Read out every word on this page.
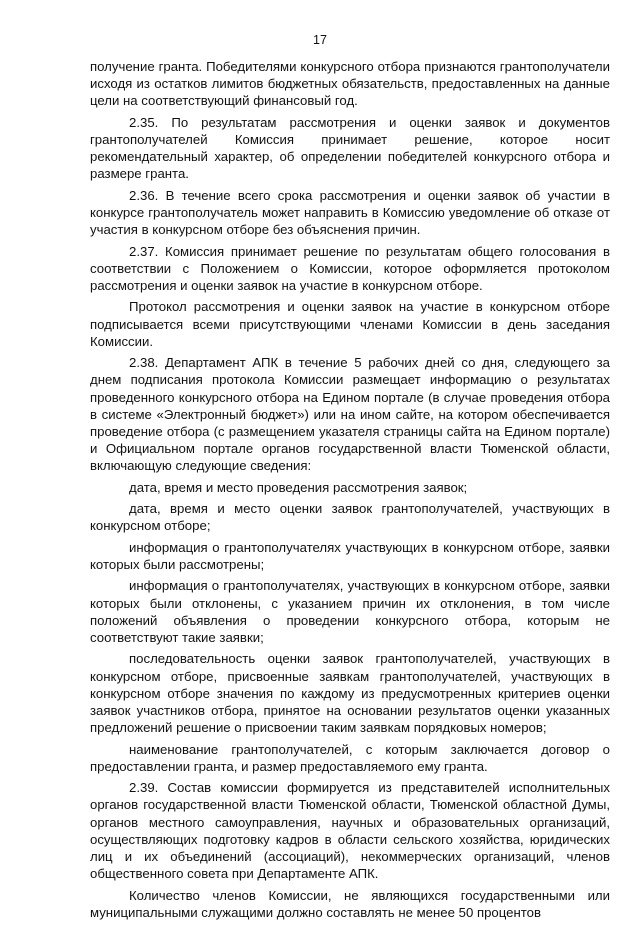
17

получение гранта. Победителями конкурсного отбора признаются грантополучатели исходя из остатков лимитов бюджетных обязательств, предоставленных на данные цели на соответствующий финансовый год.

2.35. По результатам рассмотрения и оценки заявок и документов грантополучателей Комиссия принимает решение, которое носит рекомендательный характер, об определении победителей конкурсного отбора и размере гранта.

2.36. В течение всего срока рассмотрения и оценки заявок об участии в конкурсе грантополучатель может направить в Комиссию уведомление об отказе от участия в конкурсном отборе без объяснения причин.

2.37. Комиссия принимает решение по результатам общего голосования в соответствии с Положением о Комиссии, которое оформляется протоколом рассмотрения и оценки заявок на участие в конкурсном отборе.

Протокол рассмотрения и оценки заявок на участие в конкурсном отборе подписывается всеми присутствующими членами Комиссии в день заседания Комиссии.

2.38. Департамент АПК в течение 5 рабочих дней со дня, следующего за днем подписания протокола Комиссии размещает информацию о результатах проведенного конкурсного отбора на Едином портале (в случае проведения отбора в системе «Электронный бюджет») или на ином сайте, на котором обеспечивается проведение отбора (с размещением указателя страницы сайта на Едином портале) и Официальном портале органов государственной власти Тюменской области, включающую следующие сведения:

дата, время и место проведения рассмотрения заявок;

дата, время и место оценки заявок грантополучателей, участвующих в конкурсном отборе;

информация о грантополучателях участвующих в конкурсном отборе, заявки которых были рассмотрены;

информация о грантополучателях, участвующих в конкурсном отборе, заявки которых были отклонены, с указанием причин их отклонения, в том числе положений объявления о проведении конкурсного отбора, которым не соответствуют такие заявки;

последовательность оценки заявок грантополучателей, участвующих в конкурсном отборе, присвоенные заявкам грантополучателей, участвующих в конкурсном отборе значения по каждому из предусмотренных критериев оценки заявок участников отбора, принятое на основании результатов оценки указанных предложений решение о присвоении таким заявкам порядковых номеров;

наименование грантополучателей, с которым заключается договор о предоставлении гранта, и размер предоставляемого ему гранта.

2.39. Состав комиссии формируется из представителей исполнительных органов государственной власти Тюменской области, Тюменской областной Думы, органов местного самоуправления, научных и образовательных организаций, осуществляющих подготовку кадров в области сельского хозяйства, юридических лиц и их объединений (ассоциаций), некоммерческих организаций, членов общественного совета при Департаменте АПК.

Количество членов Комиссии, не являющихся государственными или муниципальными служащими должно составлять не менее 50 процентов
